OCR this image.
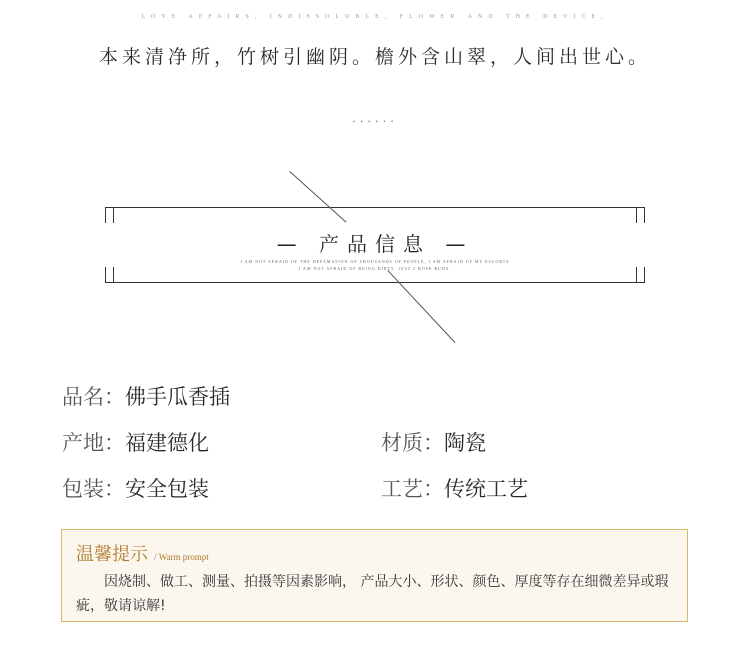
LOVE AFFAIRS, INDISSOLUBLE, FLOWER AND THE DEVICE,
本来清净所，竹树引幽阴。檐外含山翠，人间出世心。
......
— 产品信息 —
I AM NOT AFRAID OF THE DEFAMATION OF THOUSANDS OF PEOPLE, I AM AFRAID OF MY ESCORTS
I AM NOT AFRAID OF BEING DIRTY, JUST 2 ROSE BUDS.
品名：佛手瓜香插
产地：福建德化	材质：陶瓷
包装：安全包装	工艺：传统工艺
温馨提示 / Warm prompt
因烧制、做工、测量、拍摄等因素影响， 产品大小、形状、颜色、厚度等存在细微差异或瑕疵，敬请谅解!
